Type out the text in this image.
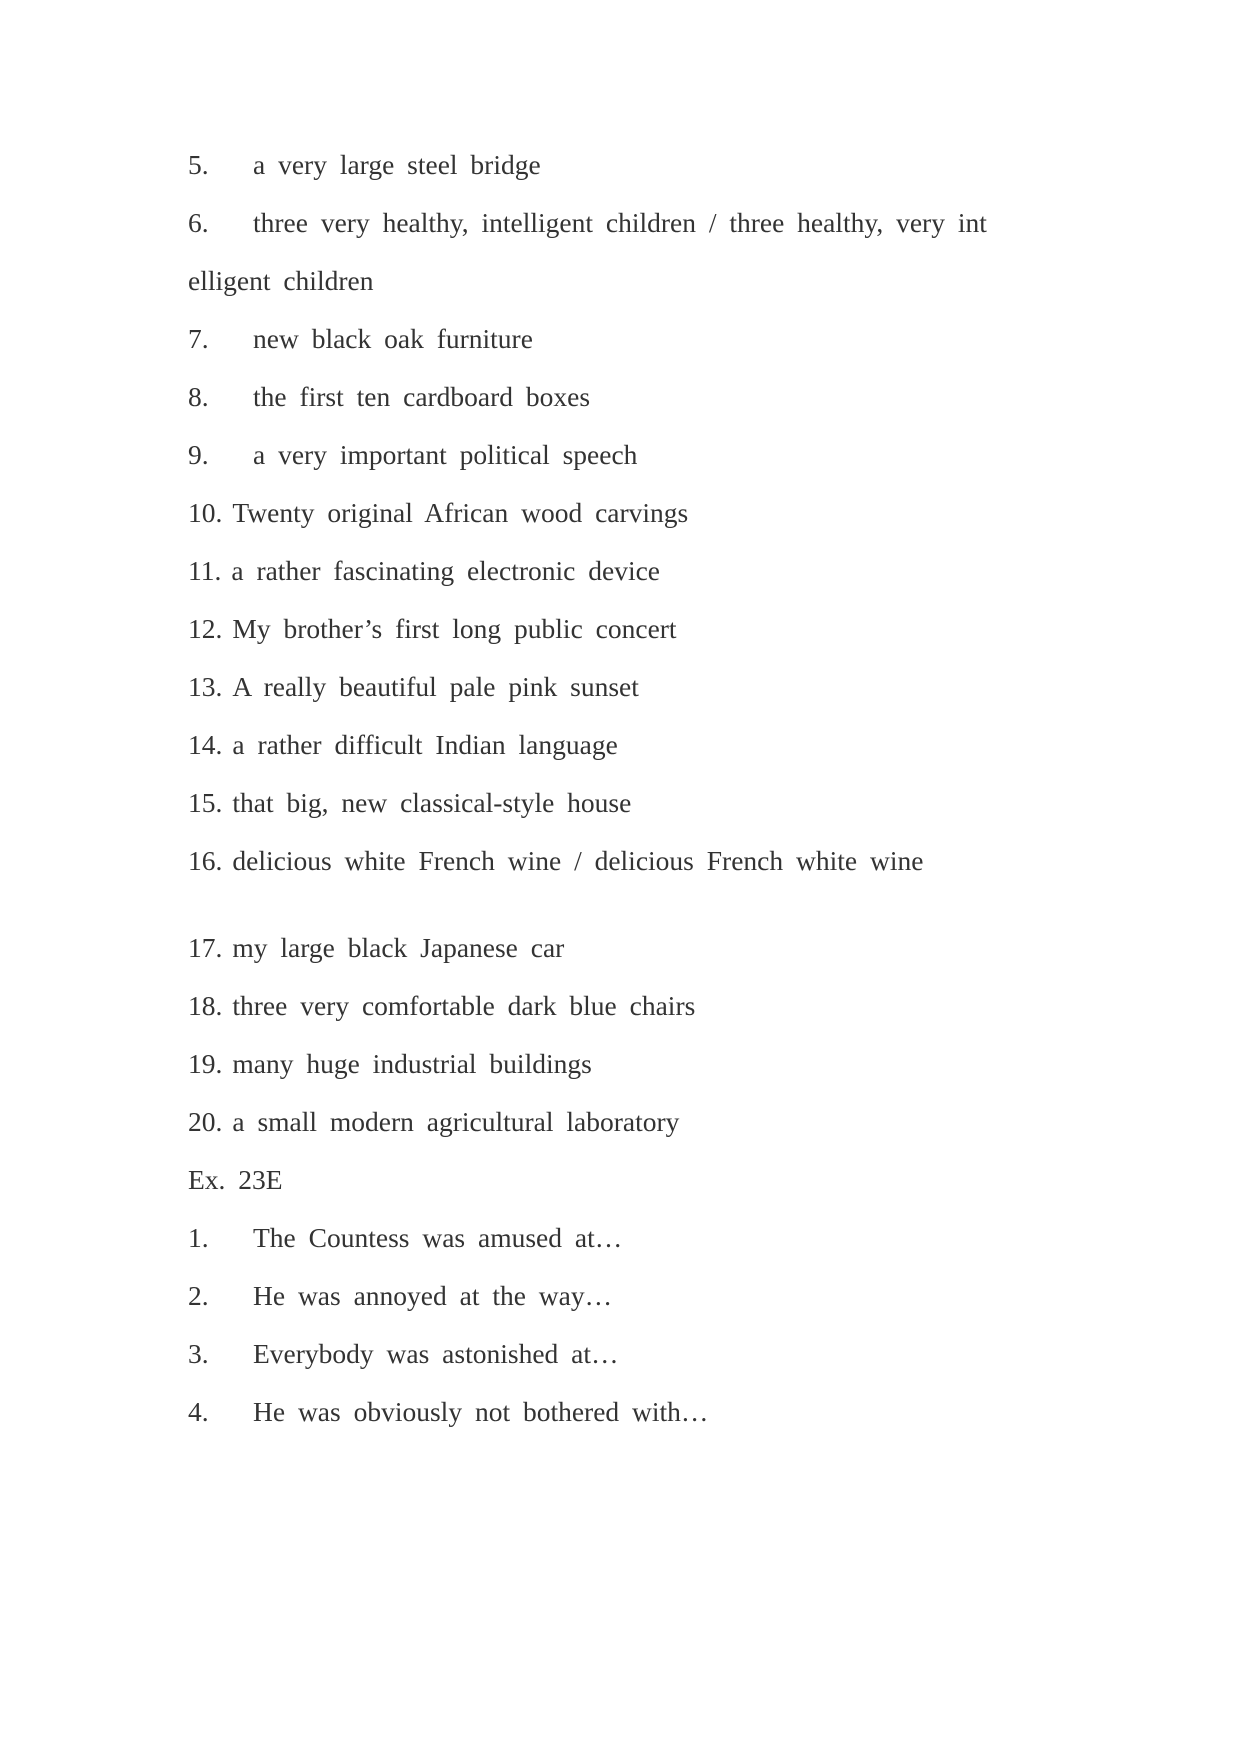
5. a very large steel bridge
6. three very healthy, intelligent children / three healthy, very int
elligent children
7. new black oak furniture
8. the first ten cardboard boxes
9. a very important political speech
10. Twenty original African wood carvings
11. a rather fascinating electronic device
12. My brother’s first long public concert
13. A really beautiful pale pink sunset
14. a rather difficult Indian language
15. that big, new classical-style house
16. delicious white French wine / delicious French white wine
17. my large black Japanese car
18. three very comfortable dark blue chairs
19. many huge industrial buildings
20. a small modern agricultural laboratory
Ex. 23E
1. The Countess was amused at…
2. He was annoyed at the way…
3. Everybody was astonished at…
4. He was obviously not bothered with…
